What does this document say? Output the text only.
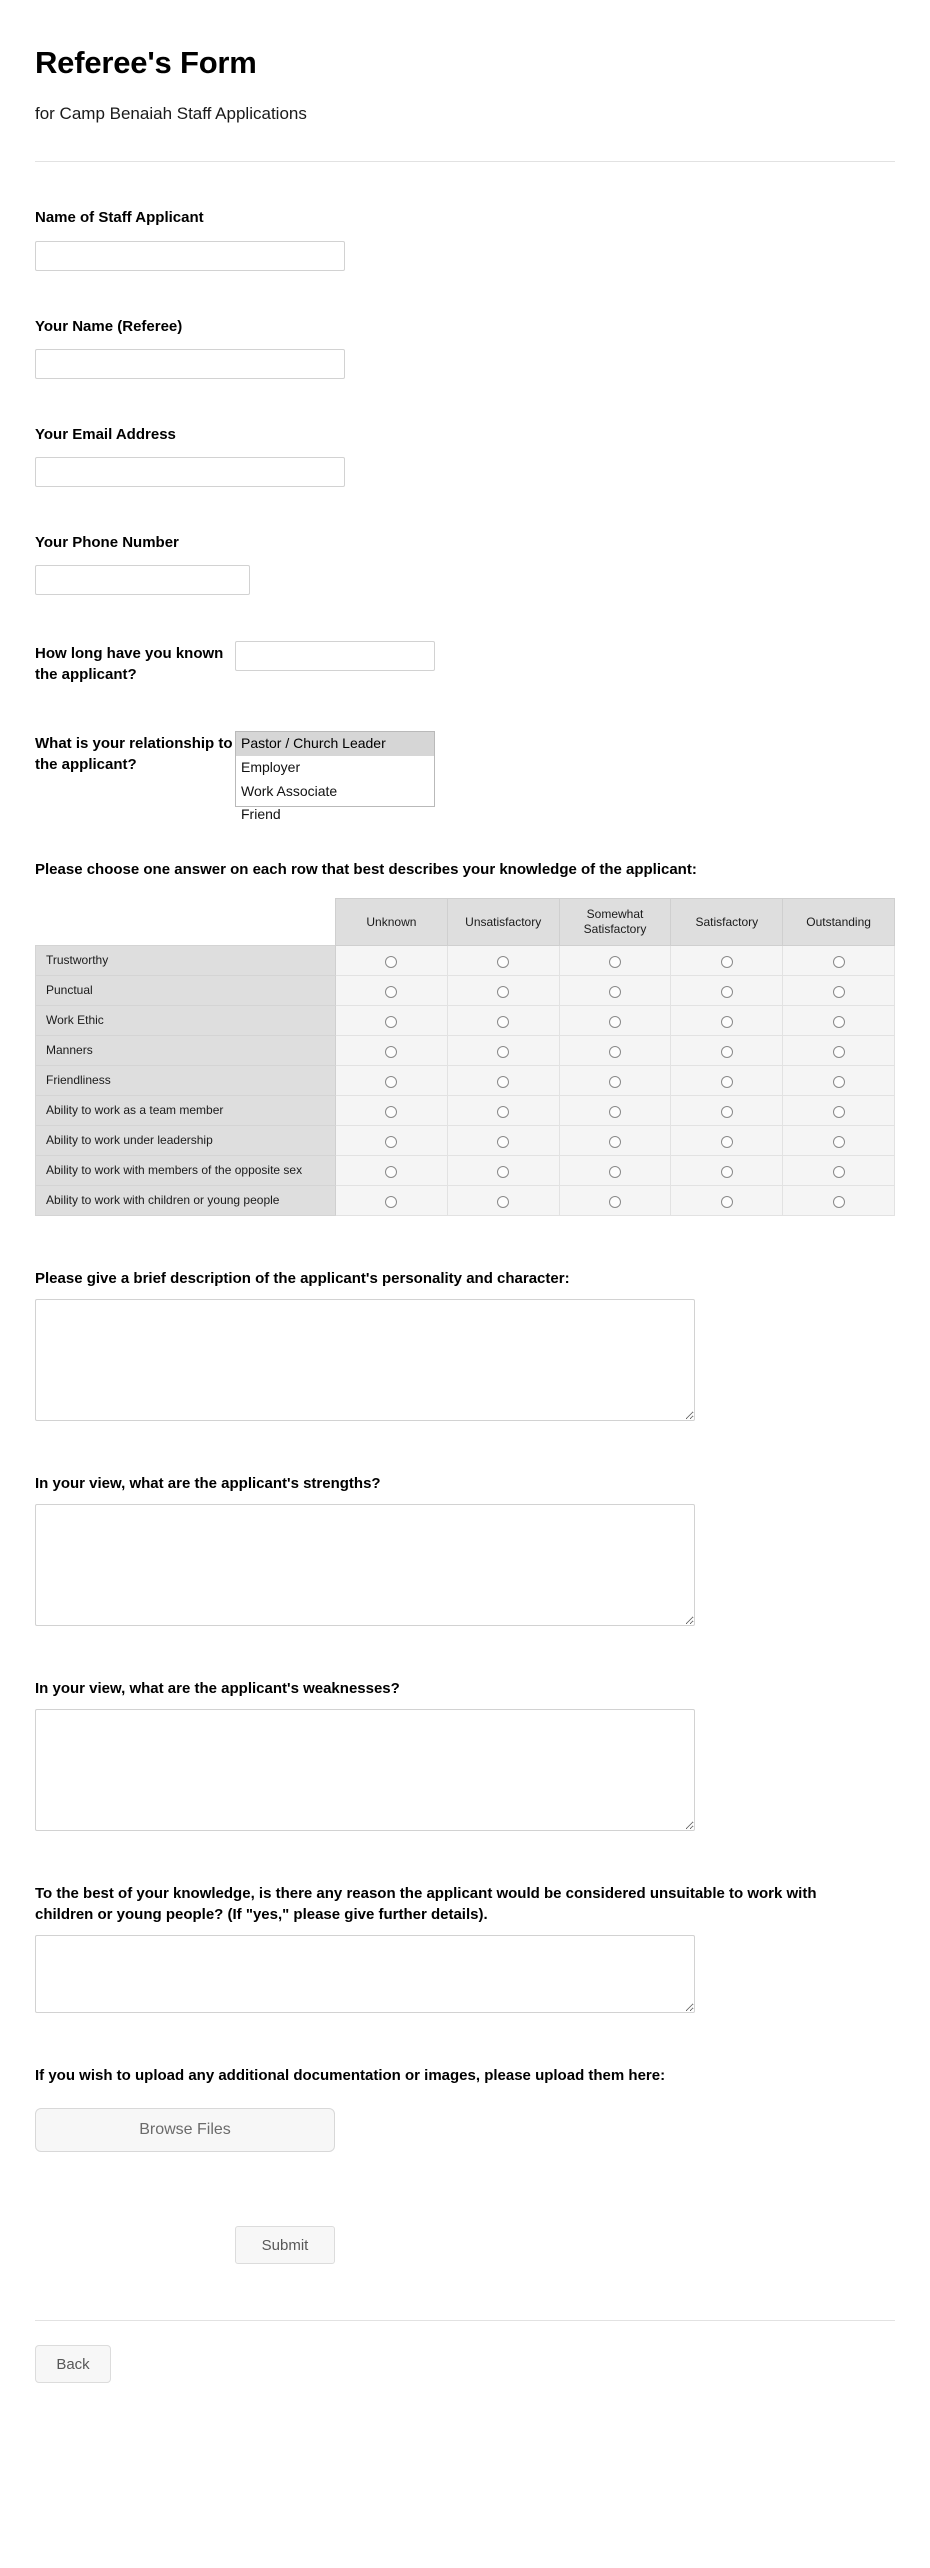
Referee's Form
for Camp Benaiah Staff Applications
Name of Staff Applicant
Your Name (Referee)
Your Email Address
Your Phone Number
How long have you known the applicant?
What is your relationship to the applicant?
Pastor / Church Leader
Employer
Work Associate
Friend
Please choose one answer on each row that best describes your knowledge of the applicant:
	Unknown	Unsatisfactory	Somewhat Satisfactory	Satisfactory	Outstanding
Trustworthy					
Punctual					
Work Ethic					
Manners					
Friendliness					
Ability to work as a team member					
Ability to work under leadership					
Ability to work with members of the opposite sex					
Ability to work with children or young people					
Please give a brief description of the applicant's personality and character:
In your view, what are the applicant's strengths?
In your view, what are the applicant's weaknesses?
To the best of your knowledge, is there any reason the applicant would be considered unsuitable to work with children or young people? (If "yes," please give further details).
If you wish to upload any additional documentation or images, please upload them here:
Browse Files
Submit
Back
